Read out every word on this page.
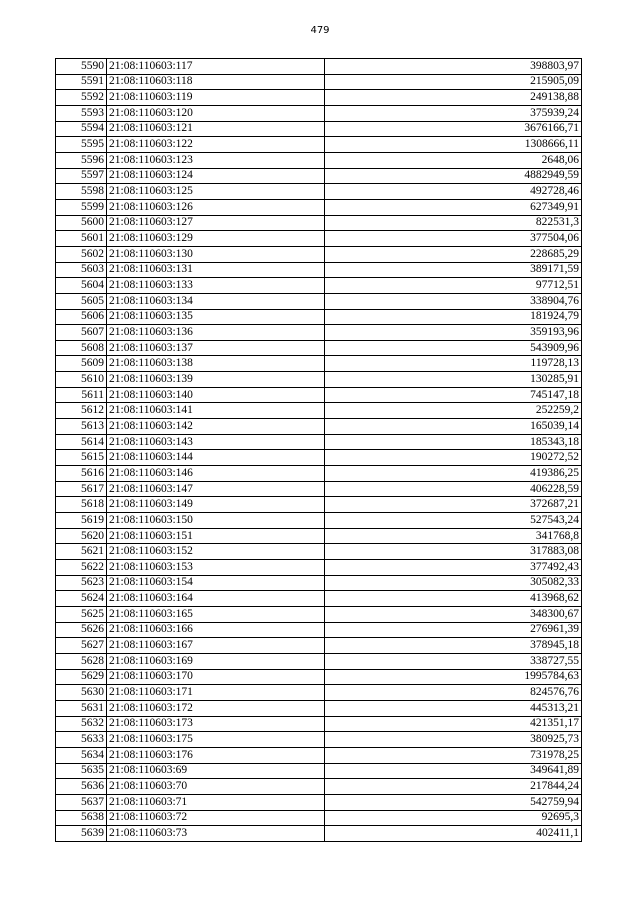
479
5590	21:08:110603:117	398803,97
5591	21:08:110603:118	215905,09
5592	21:08:110603:119	249138,88
5593	21:08:110603:120	375939,24
5594	21:08:110603:121	3676166,71
5595	21:08:110603:122	1308666,11
5596	21:08:110603:123	2648,06
5597	21:08:110603:124	4882949,59
5598	21:08:110603:125	492728,46
5599	21:08:110603:126	627349,91
5600	21:08:110603:127	822531,3
5601	21:08:110603:129	377504,06
5602	21:08:110603:130	228685,29
5603	21:08:110603:131	389171,59
5604	21:08:110603:133	97712,51
5605	21:08:110603:134	338904,76
5606	21:08:110603:135	181924,79
5607	21:08:110603:136	359193,96
5608	21:08:110603:137	543909,96
5609	21:08:110603:138	119728,13
5610	21:08:110603:139	130285,91
5611	21:08:110603:140	745147,18
5612	21:08:110603:141	252259,2
5613	21:08:110603:142	165039,14
5614	21:08:110603:143	185343,18
5615	21:08:110603:144	190272,52
5616	21:08:110603:146	419386,25
5617	21:08:110603:147	406228,59
5618	21:08:110603:149	372687,21
5619	21:08:110603:150	527543,24
5620	21:08:110603:151	341768,8
5621	21:08:110603:152	317883,08
5622	21:08:110603:153	377492,43
5623	21:08:110603:154	305082,33
5624	21:08:110603:164	413968,62
5625	21:08:110603:165	348300,67
5626	21:08:110603:166	276961,39
5627	21:08:110603:167	378945,18
5628	21:08:110603:169	338727,55
5629	21:08:110603:170	1995784,63
5630	21:08:110603:171	824576,76
5631	21:08:110603:172	445313,21
5632	21:08:110603:173	421351,17
5633	21:08:110603:175	380925,73
5634	21:08:110603:176	731978,25
5635	21:08:110603:69	349641,89
5636	21:08:110603:70	217844,24
5637	21:08:110603:71	542759,94
5638	21:08:110603:72	92695,3
5639	21:08:110603:73	402411,1
